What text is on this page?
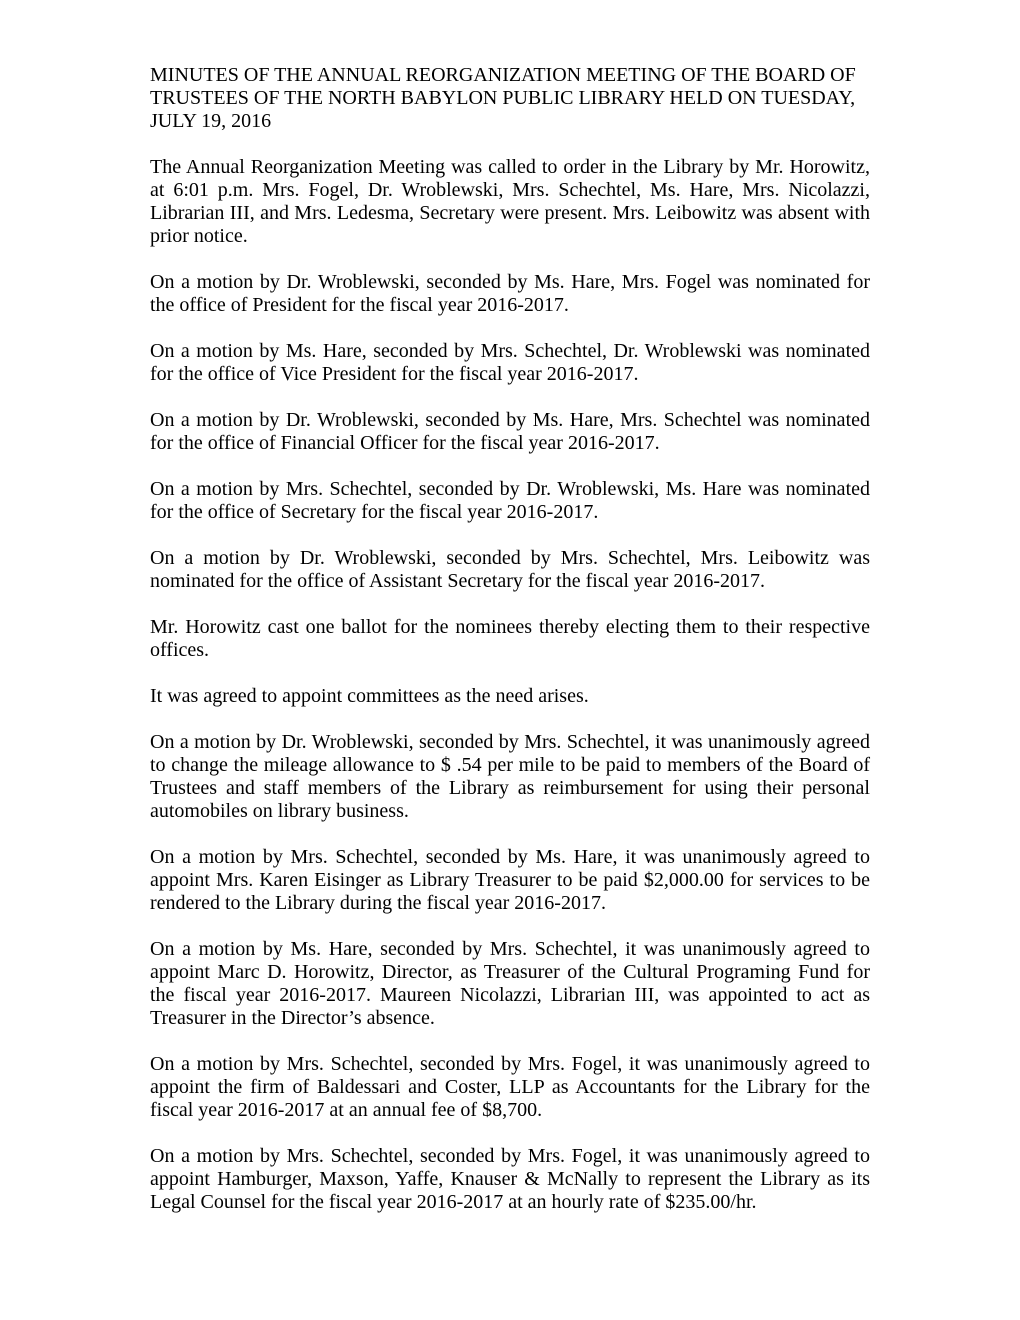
MINUTES OF THE ANNUAL REORGANIZATION MEETING OF THE BOARD OF TRUSTEES OF THE NORTH BABYLON PUBLIC LIBRARY HELD ON TUESDAY, JULY 19, 2016

The Annual Reorganization Meeting was called to order in the Library by Mr. Horowitz, at 6:01 p.m. Mrs. Fogel, Dr. Wroblewski, Mrs. Schechtel, Ms. Hare, Mrs. Nicolazzi, Librarian III, and Mrs. Ledesma, Secretary were present. Mrs. Leibowitz was absent with prior notice.

On a motion by Dr. Wroblewski, seconded by Ms. Hare, Mrs. Fogel was nominated for the office of President for the fiscal year 2016-2017.

On a motion by Ms. Hare, seconded by Mrs. Schechtel, Dr. Wroblewski was nominated for the office of Vice President for the fiscal year 2016-2017.

On a motion by Dr. Wroblewski, seconded by Ms. Hare, Mrs. Schechtel was nominated for the office of Financial Officer for the fiscal year 2016-2017.

On a motion by Mrs. Schechtel, seconded by Dr. Wroblewski, Ms. Hare was nominated for the office of Secretary for the fiscal year 2016-2017.

On a motion by Dr. Wroblewski, seconded by Mrs. Schechtel, Mrs. Leibowitz was nominated for the office of Assistant Secretary for the fiscal year 2016-2017.

Mr. Horowitz cast one ballot for the nominees thereby electing them to their respective offices.

It was agreed to appoint committees as the need arises.

On a motion by Dr. Wroblewski, seconded by Mrs. Schechtel, it was unanimously agreed to change the mileage allowance to $ .54 per mile to be paid to members of the Board of Trustees and staff members of the Library as reimbursement for using their personal automobiles on library business.

On a motion by Mrs. Schechtel, seconded by Ms. Hare, it was unanimously agreed to appoint Mrs. Karen Eisinger as Library Treasurer to be paid $2,000.00 for services to be rendered to the Library during the fiscal year 2016-2017.

On a motion by Ms. Hare, seconded by Mrs. Schechtel, it was unanimously agreed to appoint Marc D. Horowitz, Director, as Treasurer of the Cultural Programing Fund for the fiscal year 2016-2017. Maureen Nicolazzi, Librarian III, was appointed to act as Treasurer in the Director’s absence.

On a motion by Mrs. Schechtel, seconded by Mrs. Fogel, it was unanimously agreed to appoint the firm of Baldessari and Coster, LLP as Accountants for the Library for the fiscal year 2016-2017 at an annual fee of $8,700.

On a motion by Mrs. Schechtel, seconded by Mrs. Fogel, it was unanimously agreed to appoint Hamburger, Maxson, Yaffe, Knauser & McNally to represent the Library as its Legal Counsel for the fiscal year 2016-2017 at an hourly rate of $235.00/hr.
